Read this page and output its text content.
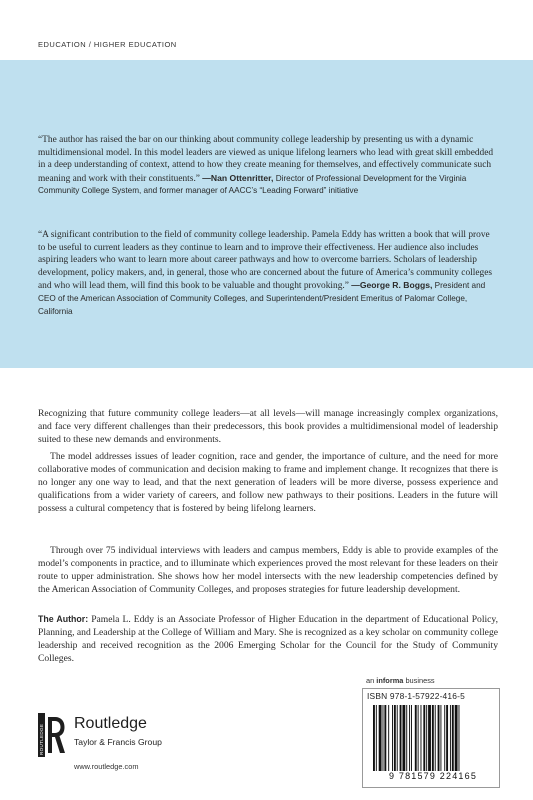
EDUCATION / HIGHER EDUCATION
“The author has raised the bar on our thinking about community college leadership by presenting us with a dynamic multidimensional model. In this model leaders are viewed as unique lifelong learners who lead with great skill embedded in a deep understanding of context, attend to how they create meaning for themselves, and effectively communicate such meaning and work with their constituents.” —Nan Ottenritter, Director of Professional Development for the Virginia Community College System, and former manager of AACC’s “Leading Forward” initiative
“A significant contribution to the field of community college leadership. Pamela Eddy has written a book that will prove to be useful to current leaders as they continue to learn and to improve their effectiveness. Her audience also includes aspiring leaders who want to learn more about career pathways and how to overcome barriers. Scholars of leadership development, policy makers, and, in general, those who are concerned about the future of America’s community colleges and who will lead them, will find this book to be valuable and thought provoking.” —George R. Boggs, President and CEO of the American Association of Community Colleges, and Superintendent/President Emeritus of Palomar College, California

Recognizing that future community college leaders—at all levels—will manage increasingly complex organizations, and face very different challenges than their predecessors, this book provides a multidimensional model of leadership suited to these new demands and environments.

The model addresses issues of leader cognition, race and gender, the importance of culture, and the need for more collaborative modes of communication and decision making to frame and implement change. It recognizes that there is no longer any one way to lead, and that the next generation of leaders will be more diverse, possess experience and qualifications from a wider variety of careers, and follow new pathways to their positions. Leaders in the future will possess a cultural competency that is fostered by being lifelong learners.

Through over 75 individual interviews with leaders and campus members, Eddy is able to provide examples of the model’s components in practice, and to illuminate which experiences proved the most relevant for these leaders on their route to upper administration. She shows how her model intersects with the new leadership competencies defined by the American Association of Community Colleges, and proposes strategies for future leadership development.

The Author: Pamela L. Eddy is an Associate Professor of Higher Education in the department of Educational Policy, Planning, and Leadership at the College of William and Mary. She is recognized as a key scholar on community college leadership and received recognition as the 2006 Emerging Scholar for the Council for the Study of Community Colleges.

ROUTLEDGE
Routledge
Taylor & Francis Group
www.routledge.com
an informa business
ISBN 978-1-57922-416-5
9 781579 224165
